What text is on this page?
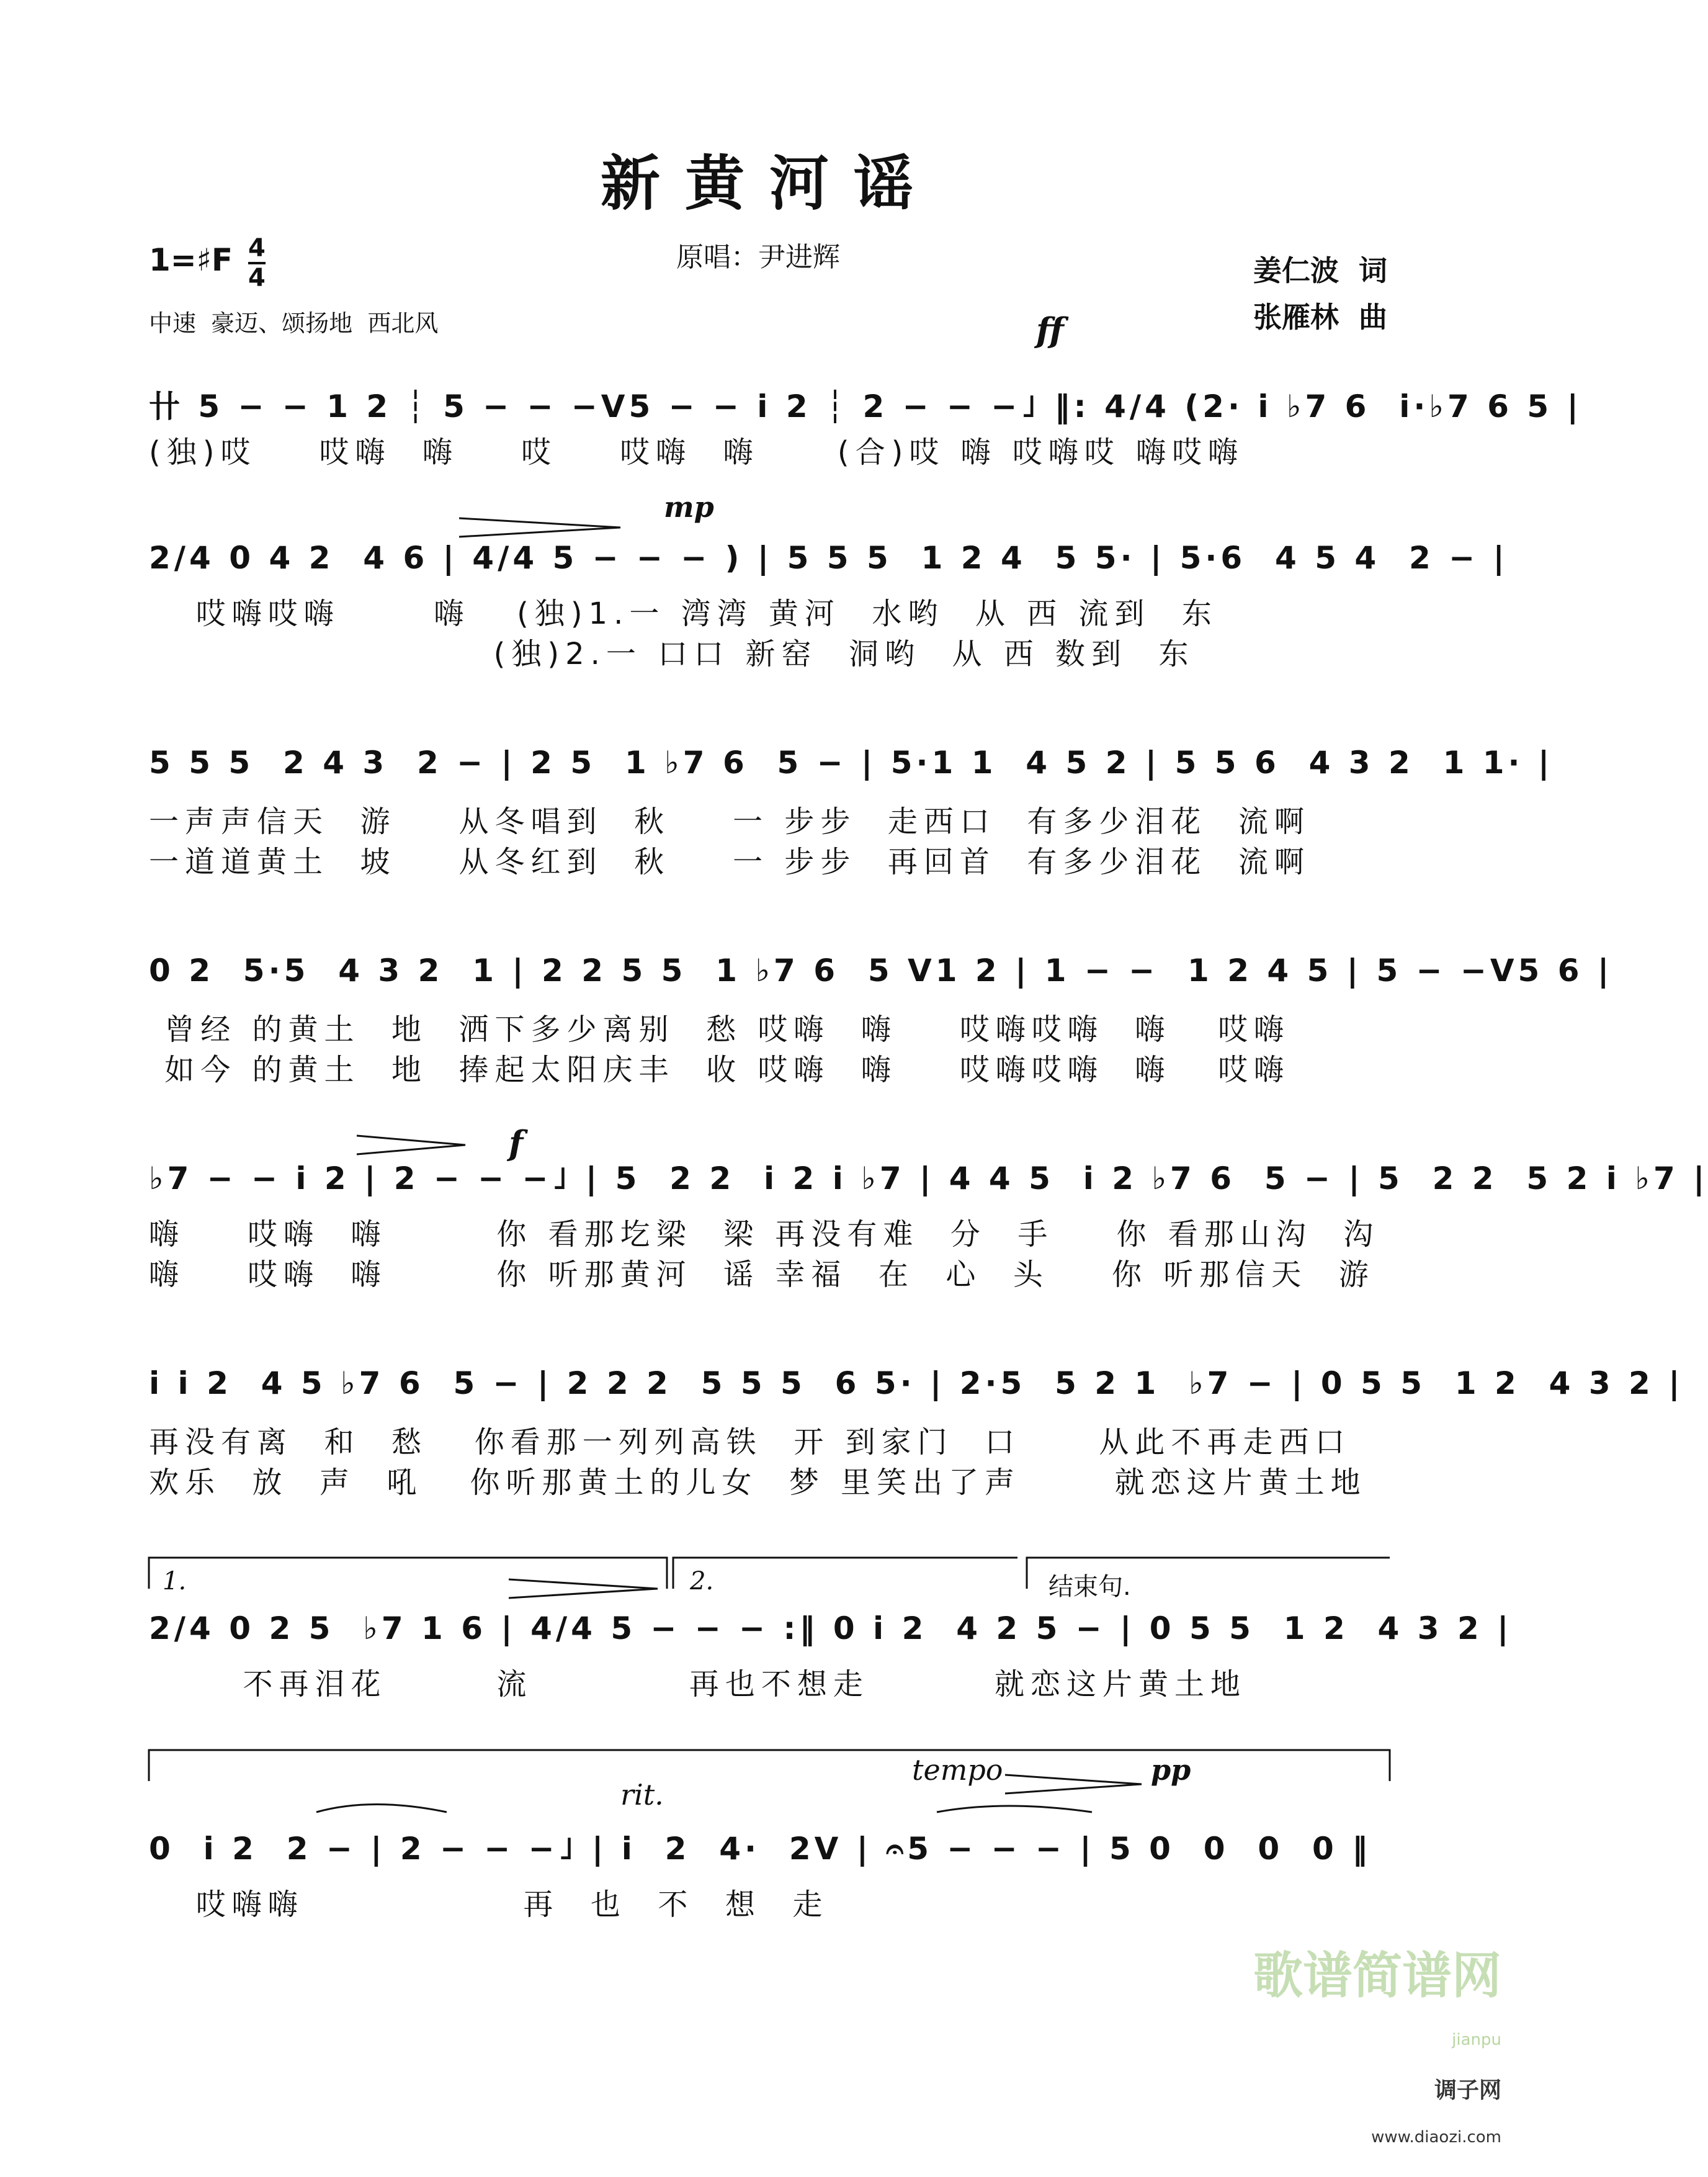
新黄河谣
原唱：尹进辉	姜仁波  词
张雁林  曲
1=♯F 4
4
中速  豪迈、颂扬地  西北风	ff
mp
f
pp
卄 5 − − 1 2 ┆ 5 − − −ᐯ5 − − i 2 ┆ 2 − − −˩ ‖: 4/4 (2· i ♭7 6  i·♭7 6 5 |
(独)哎    哎嗨  嗨    哎    哎嗨  嗨     (合)哎 嗨 哎嗨哎 嗨哎嗨
2/4 0 4 2  4 6 | 4/4 5 − − − ) | 5 5 5  1 2 4  5 5· | 5·6  4 5 4  2 − |
哎嗨哎嗨      嗨   (独)1.一 湾湾 黄河  水哟  从 西 流到  东
(独)2.一 口口 新窑  洞哟  从 西 数到  东
5 5 5  2 4 3  2 − | 2 5  1 ♭7 6  5 − | 5·1 1  4 5 2 | 5 5 6  4 3 2  1 1· |
一声声信天  游    从冬唱到  秋    一 步步  走西口  有多少泪花  流啊
一道道黄土  坡    从冬红到  秋    一 步步  再回首  有多少泪花  流啊
0 2  5·5  4 3 2  1 | 2 2 5 5  1 ♭7 6  5 ᐯ1 2 | 1 − −  1 2 4 5 | 5 − −ᐯ5 6 |
曾经 的黄土  地  洒下多少离别  愁 哎嗨  嗨    哎嗨哎嗨  嗨   哎嗨
如今 的黄土  地  捧起太阳庆丰  收 哎嗨  嗨    哎嗨哎嗨  嗨   哎嗨
♭7 − − i 2 | 2 − − −˩ | 5  2 2  i 2 i ♭7 | 4 4 5  i 2 ♭7 6  5 − | 5  2 2  5 2 i ♭7 |
嗨    哎嗨  嗨       你 看那圪梁  梁 再没有难  分  手    你 看那山沟  沟
嗨    哎嗨  嗨       你 听那黄河  谣 幸福  在  心  头    你 听那信天  游
i i 2  4 5 ♭7 6  5 − | 2 2 2  5 5 5  6 5· | 2·5  5 2 1  ♭7 − | 0 5 5  1 2  4 3 2 |
再没有离  和  愁   你看那一列列高铁  开 到家门  口     从此不再走西口
欢乐  放  声  吼   你听那黄土的儿女  梦 里笑出了声      就恋这片黄土地
1.	2.	结束句.
2/4 0 2 5  ♭7 1 6 | 4/4 5 − − − :‖ 0 i 2  4 2 5 − | 0 5 5  1 2  4 3 2 |
不再泪花       流          再也不想走        就恋这片黄土地
rit.
tempo
0  i 2  2 − | 2 − − −˩ | i  2  4·  2ᐯ | 𝄐5 − − − | 5 0  0  0  0 ‖
哎嗨嗨              再  也  不  想  走

歌谱简谱网

jianpu

调子网

www.diaozi.com
